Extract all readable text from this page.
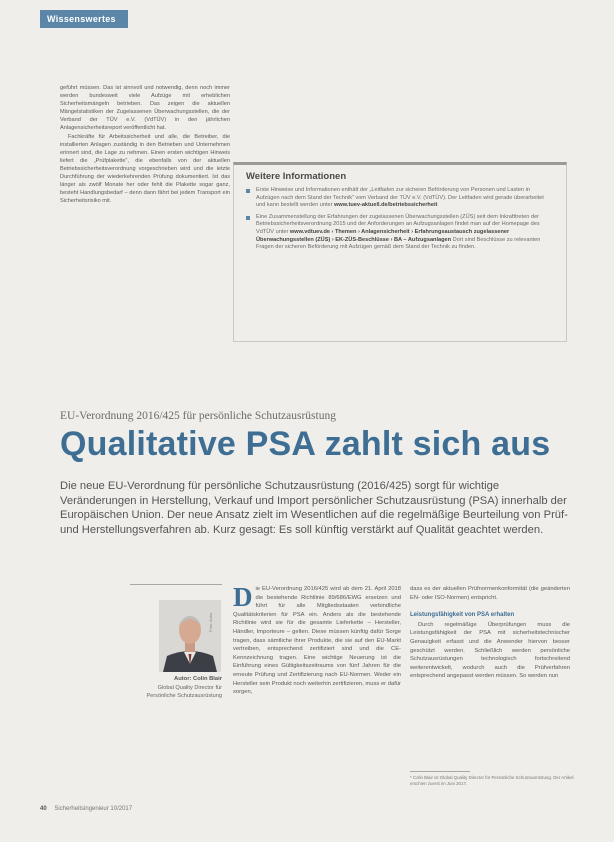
Wissenswertes

geführt müssen. Das ist sinnvoll und notwendig, denn noch immer werden bundesweit viele Aufzüge mit erheblichen Sicherheitsmängeln betrieben. Das zeigen die aktuellen Mängelstatistiken der Zugelassenen Überwachungsstellen, die der Verband der TÜV e.V. (VdTÜV) in den jährlichen Anlagensicherheitsreport veröffentlicht hat.

Fachkräfte für Arbeitssicherheit und alle, die Betreiber, die installierten Anlagen zuständig in den Betrieben und Unternehmen erinnert sind, die Lage zu nehmen. Einen ersten wichtigen Hinweis liefert die „Prüfplakette“, die ebenfalls von der aktuellen Betriebssicherheitsverordnung vorgeschrieben wird und die letzte Durchführung der wiederkehrenden Prüfung dokumentiert. Ist das länger als zwölf Monate her oder fehlt die Plakette sogar ganz, besteht Handlungsbedarf – denn dann fährt bei jedem Transport ein Sicherheitsrisiko mit.

Weitere Informationen
Erste Hinweise und Informationen enthält der „Leitfaden zur sicheren Beförderung von Personen und Lasten in Aufzügen nach dem Stand der Technik“ vom Verband der TÜV e.V. (VdTÜV). Der Leitfaden wird gerade überarbeitet und kann bestellt werden unter www.tuev-aktuell.de/betriebssicherheit
Eine Zusammenstellung der Erfahrungen der zugelassenen Überwachungsstellen (ZÜS) seit dem Inkrafttreten der Betriebssicherheitsverordnung 2015 und der Anforderungen an Aufzugsanlagen findet man auf der Homepage des VdTÜV unter www.vdtuev.de › Themen › Anlagensicherheit › Erfahrungsaustausch zugelassener Überwachungsstellen (ZÜS) › EK-ZÜS-Beschlüsse › BA – Aufzugsanlagen Dort sind Beschlüsse zu relevanten Fragen der sicheren Beförderung mit Aufzügen gemäß dem Stand der Technik zu finden.
EU-Verordnung 2016/425 für persönliche Schutzausrüstung
Qualitative PSA zahlt sich aus
Die neue EU-Verordnung für persönliche Schutzausrüstung (2016/425) sorgt für wichtige Veränderungen in Herstellung, Verkauf und Import persönlicher Schutzausrüstung (PSA) innerhalb der Europäischen Union. Der neue Ansatz zielt im Wesentlichen auf die regelmäßige Beurteilung von Prüf- und Herstellungsverfahren ab. Kurz gesagt: Es soll künftig verstärkt auf Qualität geachtet werden.
Foto: Autor
Autor: Colin Blair
Global Quality Director für Persönliche Schutzausrüstung
D ie EU-Verordnung 2016/425 wird ab dem 21. April 2018 die bestehende Richtlinie 89/686/EWG ersetzen und führt für alle Mitgliedsstaaten verbindliche Qualitätskriterien für PSA ein. Anders als die bestehende Richtlinie wird sie für die gesamte Lieferkette – Hersteller, Händler, Importeure – gelten. Diese müssen künftig dafür Sorge tragen, dass sämtliche ihrer Produkte, die sie auf den EU-Markt vertreiben, entsprechend zertifiziert sind und die CE-Kennzeichnung tragen. Eine wichtige Neuerung ist die Einführung eines Gültigkeitszeitraums von fünf Jahren für die erneute Prüfung und Zertifizierung nach EU-Normen. Weder ein Hersteller sein Produkt noch weiterhin zertifizieren, muss er dafür sorgen,

dass es der aktuellen Prüfnormenkonformität (die geänderten EN- oder ISO-Normen) entspricht.

Leistungsfähigkeit von PSA erhalten

Durch regelmäßige Überprüfungen muss die Leistungsfähigkeit der PSA mit sicherheitstechnischer Genauigkeit erfasst und die Anwender hiervon besser geschützt werden. Schließlich werden persönliche Schutzausrüstungen technologisch fortschreitend weiterentwickelt, wodurch auch die Prüfverfahren entsprechend angepasst werden müssen. So werden nun

* Colin Blair ist Global Quality Director für Persönliche Schutzausrüstung. Der Artikel erschien zuerst im Juni 2017.
40 Sicherheitsingenieur 10/2017
